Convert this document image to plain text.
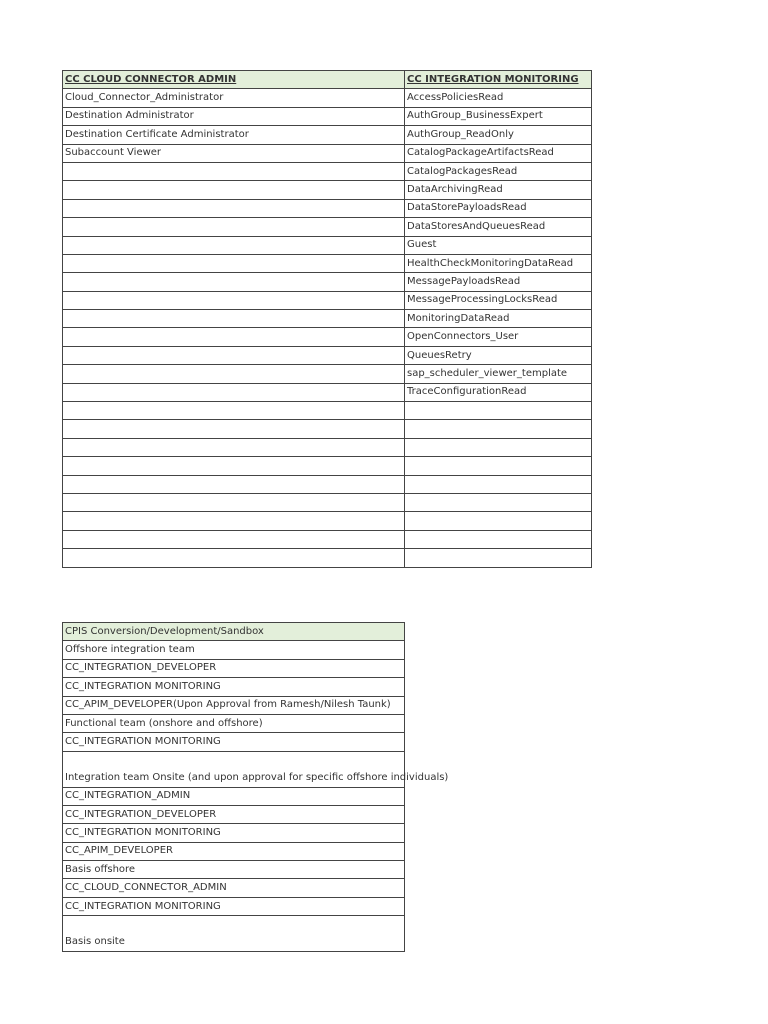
CC CLOUD CONNECTOR ADMIN	CC INTEGRATION MONITORING
Cloud_Connector_Administrator	AccessPoliciesRead
Destination Administrator	AuthGroup_BusinessExpert
Destination Certificate Administrator	AuthGroup_ReadOnly
Subaccount Viewer	CatalogPackageArtifactsRead
	CatalogPackagesRead
	DataArchivingRead
	DataStorePayloadsRead
	DataStoresAndQueuesRead
	Guest
	HealthCheckMonitoringDataRead
	MessagePayloadsRead
	MessageProcessingLocksRead
	MonitoringDataRead
	OpenConnectors_User
	QueuesRetry
	sap_scheduler_viewer_template
	TraceConfigurationRead

CPIS Conversion/Development/Sandbox
Offshore integration team
CC_INTEGRATION_DEVELOPER
CC_INTEGRATION MONITORING
CC_APIM_DEVELOPER(Upon Approval from Ramesh/Nilesh Taunk)
Functional team (onshore and offshore)
CC_INTEGRATION MONITORING

Integration team Onsite (and upon approval for specific offshore individuals)
CC_INTEGRATION_ADMIN
CC_INTEGRATION_DEVELOPER
CC_INTEGRATION MONITORING
CC_APIM_DEVELOPER
Basis offshore
CC_CLOUD_CONNECTOR_ADMIN
CC_INTEGRATION MONITORING

Basis onsite
